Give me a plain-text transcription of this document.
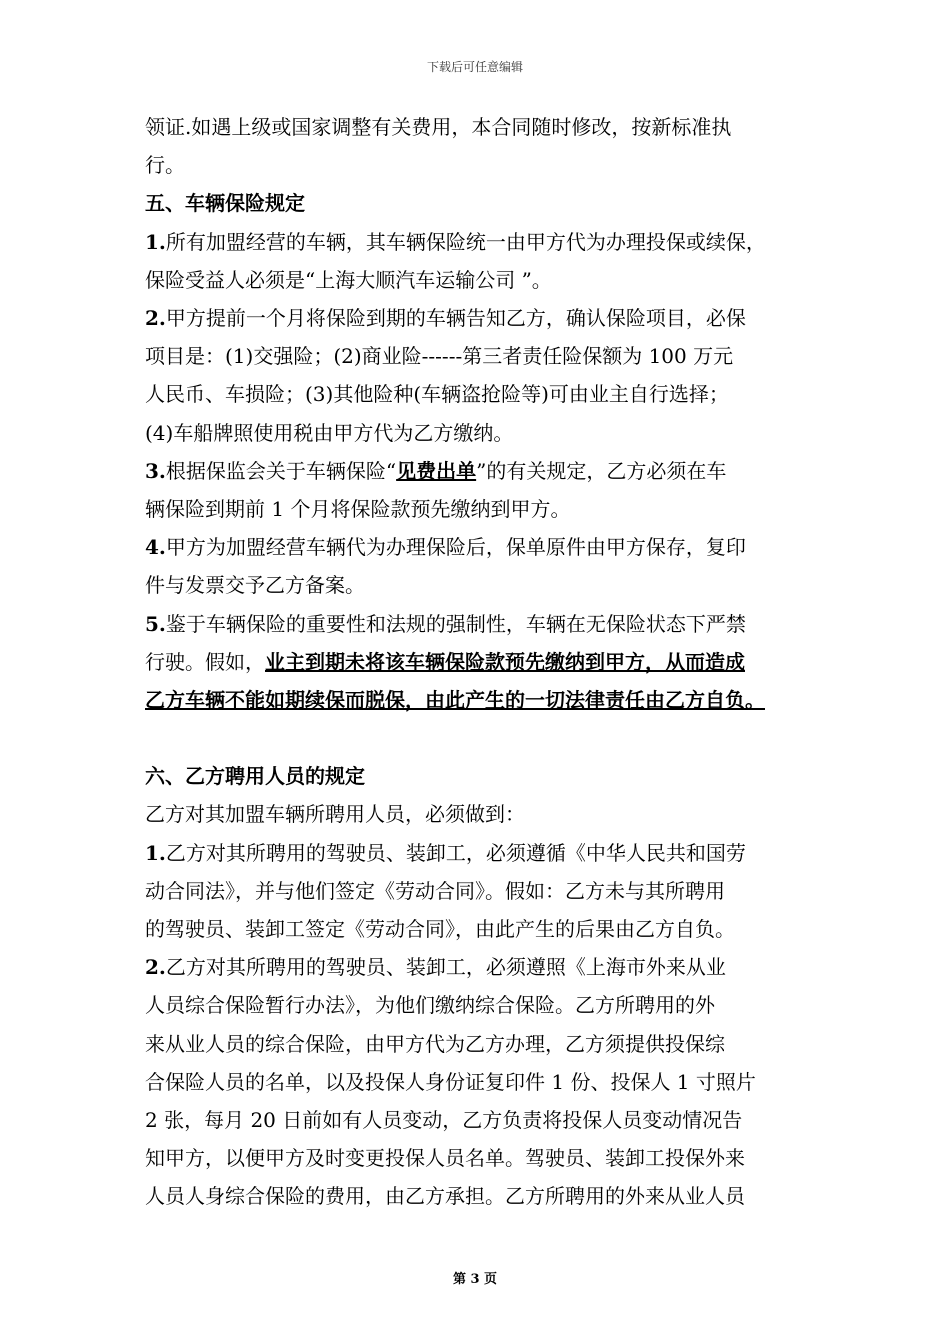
下载后可任意编辑

领证.如遇上级或国家调整有关费用，本合同随时修改，按新标准执

行。

五、车辆保险规定

1.所有加盟经营的车辆，其车辆保险统一由甲方代为办理投保或续保，

保险受益人必须是“上海大顺汽车运输公司 ”。

2.甲方提前一个月将保险到期的车辆告知乙方，确认保险项目，必保

项目是：(1)交强险；(2)商业险------第三者责任险保额为 100 万元

人民币、车损险；(3)其他险种(车辆盗抢险等)可由业主自行选择；

(4)车船牌照使用税由甲方代为乙方缴纳。

3.根据保监会关于车辆保险“见费出单”的有关规定，乙方必须在车

辆保险到期前 1 个月将保险款预先缴纳到甲方。

4.甲方为加盟经营车辆代为办理保险后，保单原件由甲方保存，复印

件与发票交予乙方备案。

5.鉴于车辆保险的重要性和法规的强制性，车辆在无保险状态下严禁

行驶。假如，业主到期未将该车辆保险款预先缴纳到甲方，从而造成

乙方车辆不能如期续保而脱保，由此产生的一切法律责任由乙方自负。

六、乙方聘用人员的规定

乙方对其加盟车辆所聘用人员，必须做到：

1.乙方对其所聘用的驾驶员、装卸工，必须遵循《中华人民共和国劳

动合同法》，并与他们签定《劳动合同》。假如：乙方未与其所聘用

的驾驶员、装卸工签定《劳动合同》，由此产生的后果由乙方自负。

2.乙方对其所聘用的驾驶员、装卸工，必须遵照《上海市外来从业

人员综合保险暂行办法》，为他们缴纳综合保险。乙方所聘用的外

来从业人员的综合保险，由甲方代为乙方办理，乙方须提供投保综

合保险人员的名单，以及投保人身份证复印件 1 份、投保人 1 寸照片

2 张，每月 20 日前如有人员变动，乙方负责将投保人员变动情况告

知甲方，以便甲方及时变更投保人员名单。驾驶员、装卸工投保外来

人员人身综合保险的费用，由乙方承担。乙方所聘用的外来从业人员

第 3 页
